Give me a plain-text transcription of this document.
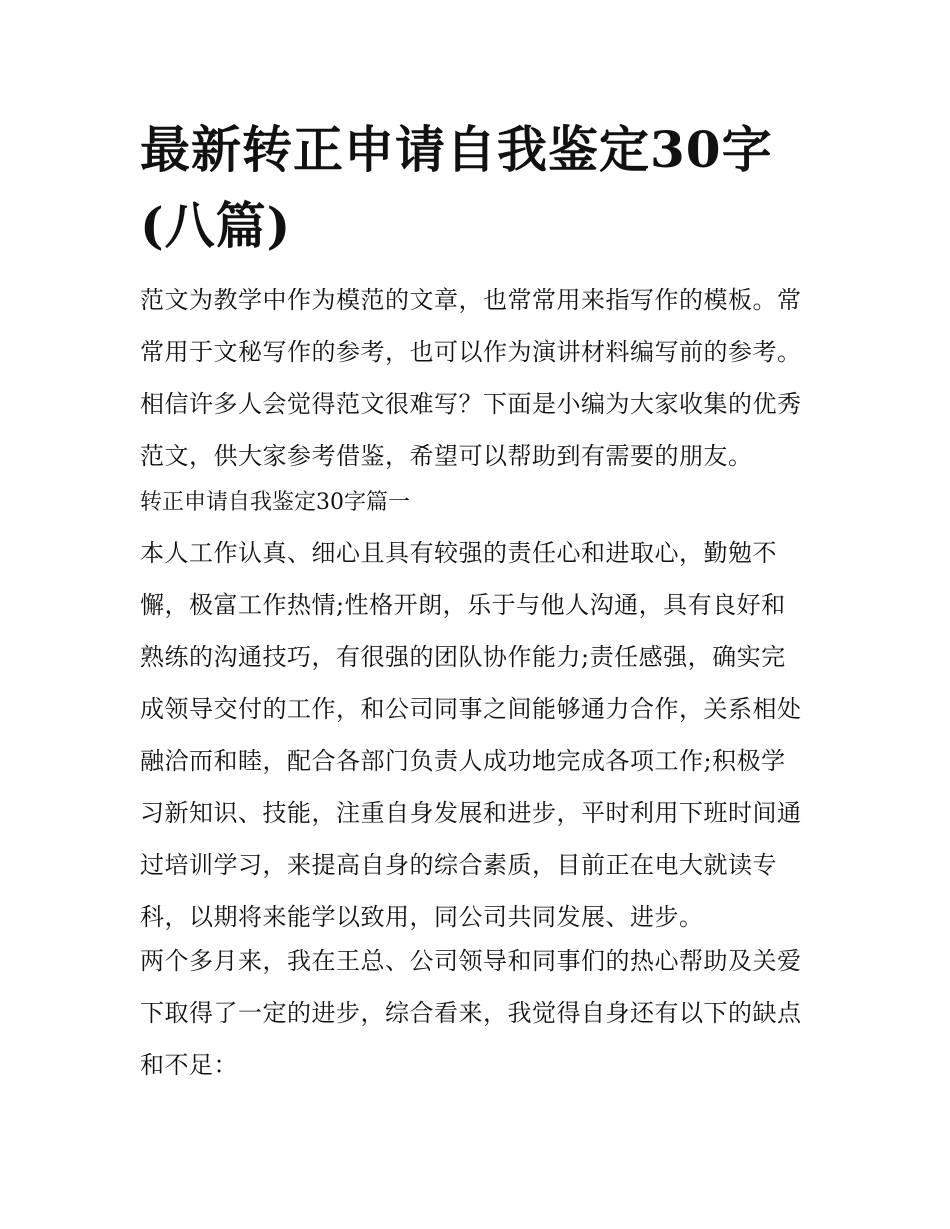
最新转正申请自我鉴定30字
(八篇)

范文为教学中作为模范的文章，也常常用来指写作的模板。常
常用于文秘写作的参考，也可以作为演讲材料编写前的参考。
相信许多人会觉得范文很难写？下面是小编为大家收集的优秀
范文，供大家参考借鉴，希望可以帮助到有需要的朋友。

转正申请自我鉴定30字篇一

本人工作认真、细心且具有较强的责任心和进取心，勤勉不
懈，极富工作热情;性格开朗，乐于与他人沟通，具有良好和
熟练的沟通技巧，有很强的团队协作能力;责任感强，确实完
成领导交付的工作，和公司同事之间能够通力合作，关系相处
融洽而和睦，配合各部门负责人成功地完成各项工作;积极学
习新知识、技能，注重自身发展和进步，平时利用下班时间通
过培训学习，来提高自身的综合素质，目前正在电大就读专
科，以期将来能学以致用，同公司共同发展、进步。

两个多月来，我在王总、公司领导和同事们的热心帮助及关爱
下取得了一定的进步，综合看来，我觉得自身还有以下的缺点
和不足：
